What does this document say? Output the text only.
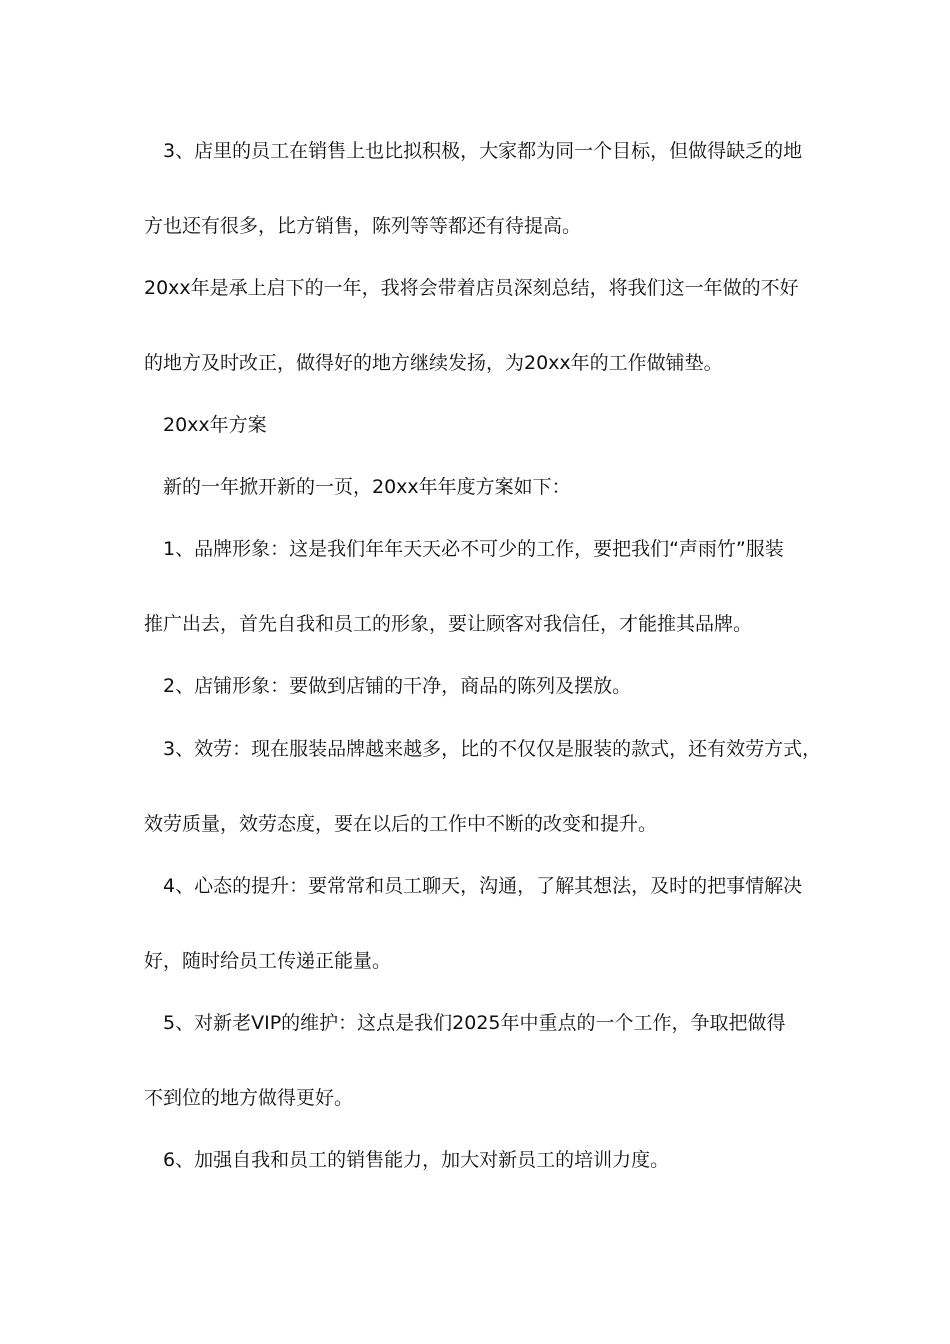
3、店里的员工在销售上也比拟积极，大家都为同一个目标，但做得缺乏的地
方也还有很多，比方销售，陈列等等都还有待提高。
20xx年是承上启下的一年，我将会带着店员深刻总结，将我们这一年做的不好
的地方及时改正，做得好的地方继续发扬，为20xx年的工作做铺垫。
20xx年方案
新的一年掀开新的一页，20xx年年度方案如下：
1、品牌形象：这是我们年年天天必不可少的工作，要把我们“声雨竹”服装
推广出去，首先自我和员工的形象，要让顾客对我信任，才能推其品牌。
2、店铺形象：要做到店铺的干净，商品的陈列及摆放。
3、效劳：现在服装品牌越来越多，比的不仅仅是服装的款式，还有效劳方式，
效劳质量，效劳态度，要在以后的工作中不断的改变和提升。
4、心态的提升：要常常和员工聊天，沟通，了解其想法，及时的把事情解决
好，随时给员工传递正能量。
5、对新老VIP的维护：这点是我们2025年中重点的一个工作，争取把做得
不到位的地方做得更好。
6、加强自我和员工的销售能力，加大对新员工的培训力度。
